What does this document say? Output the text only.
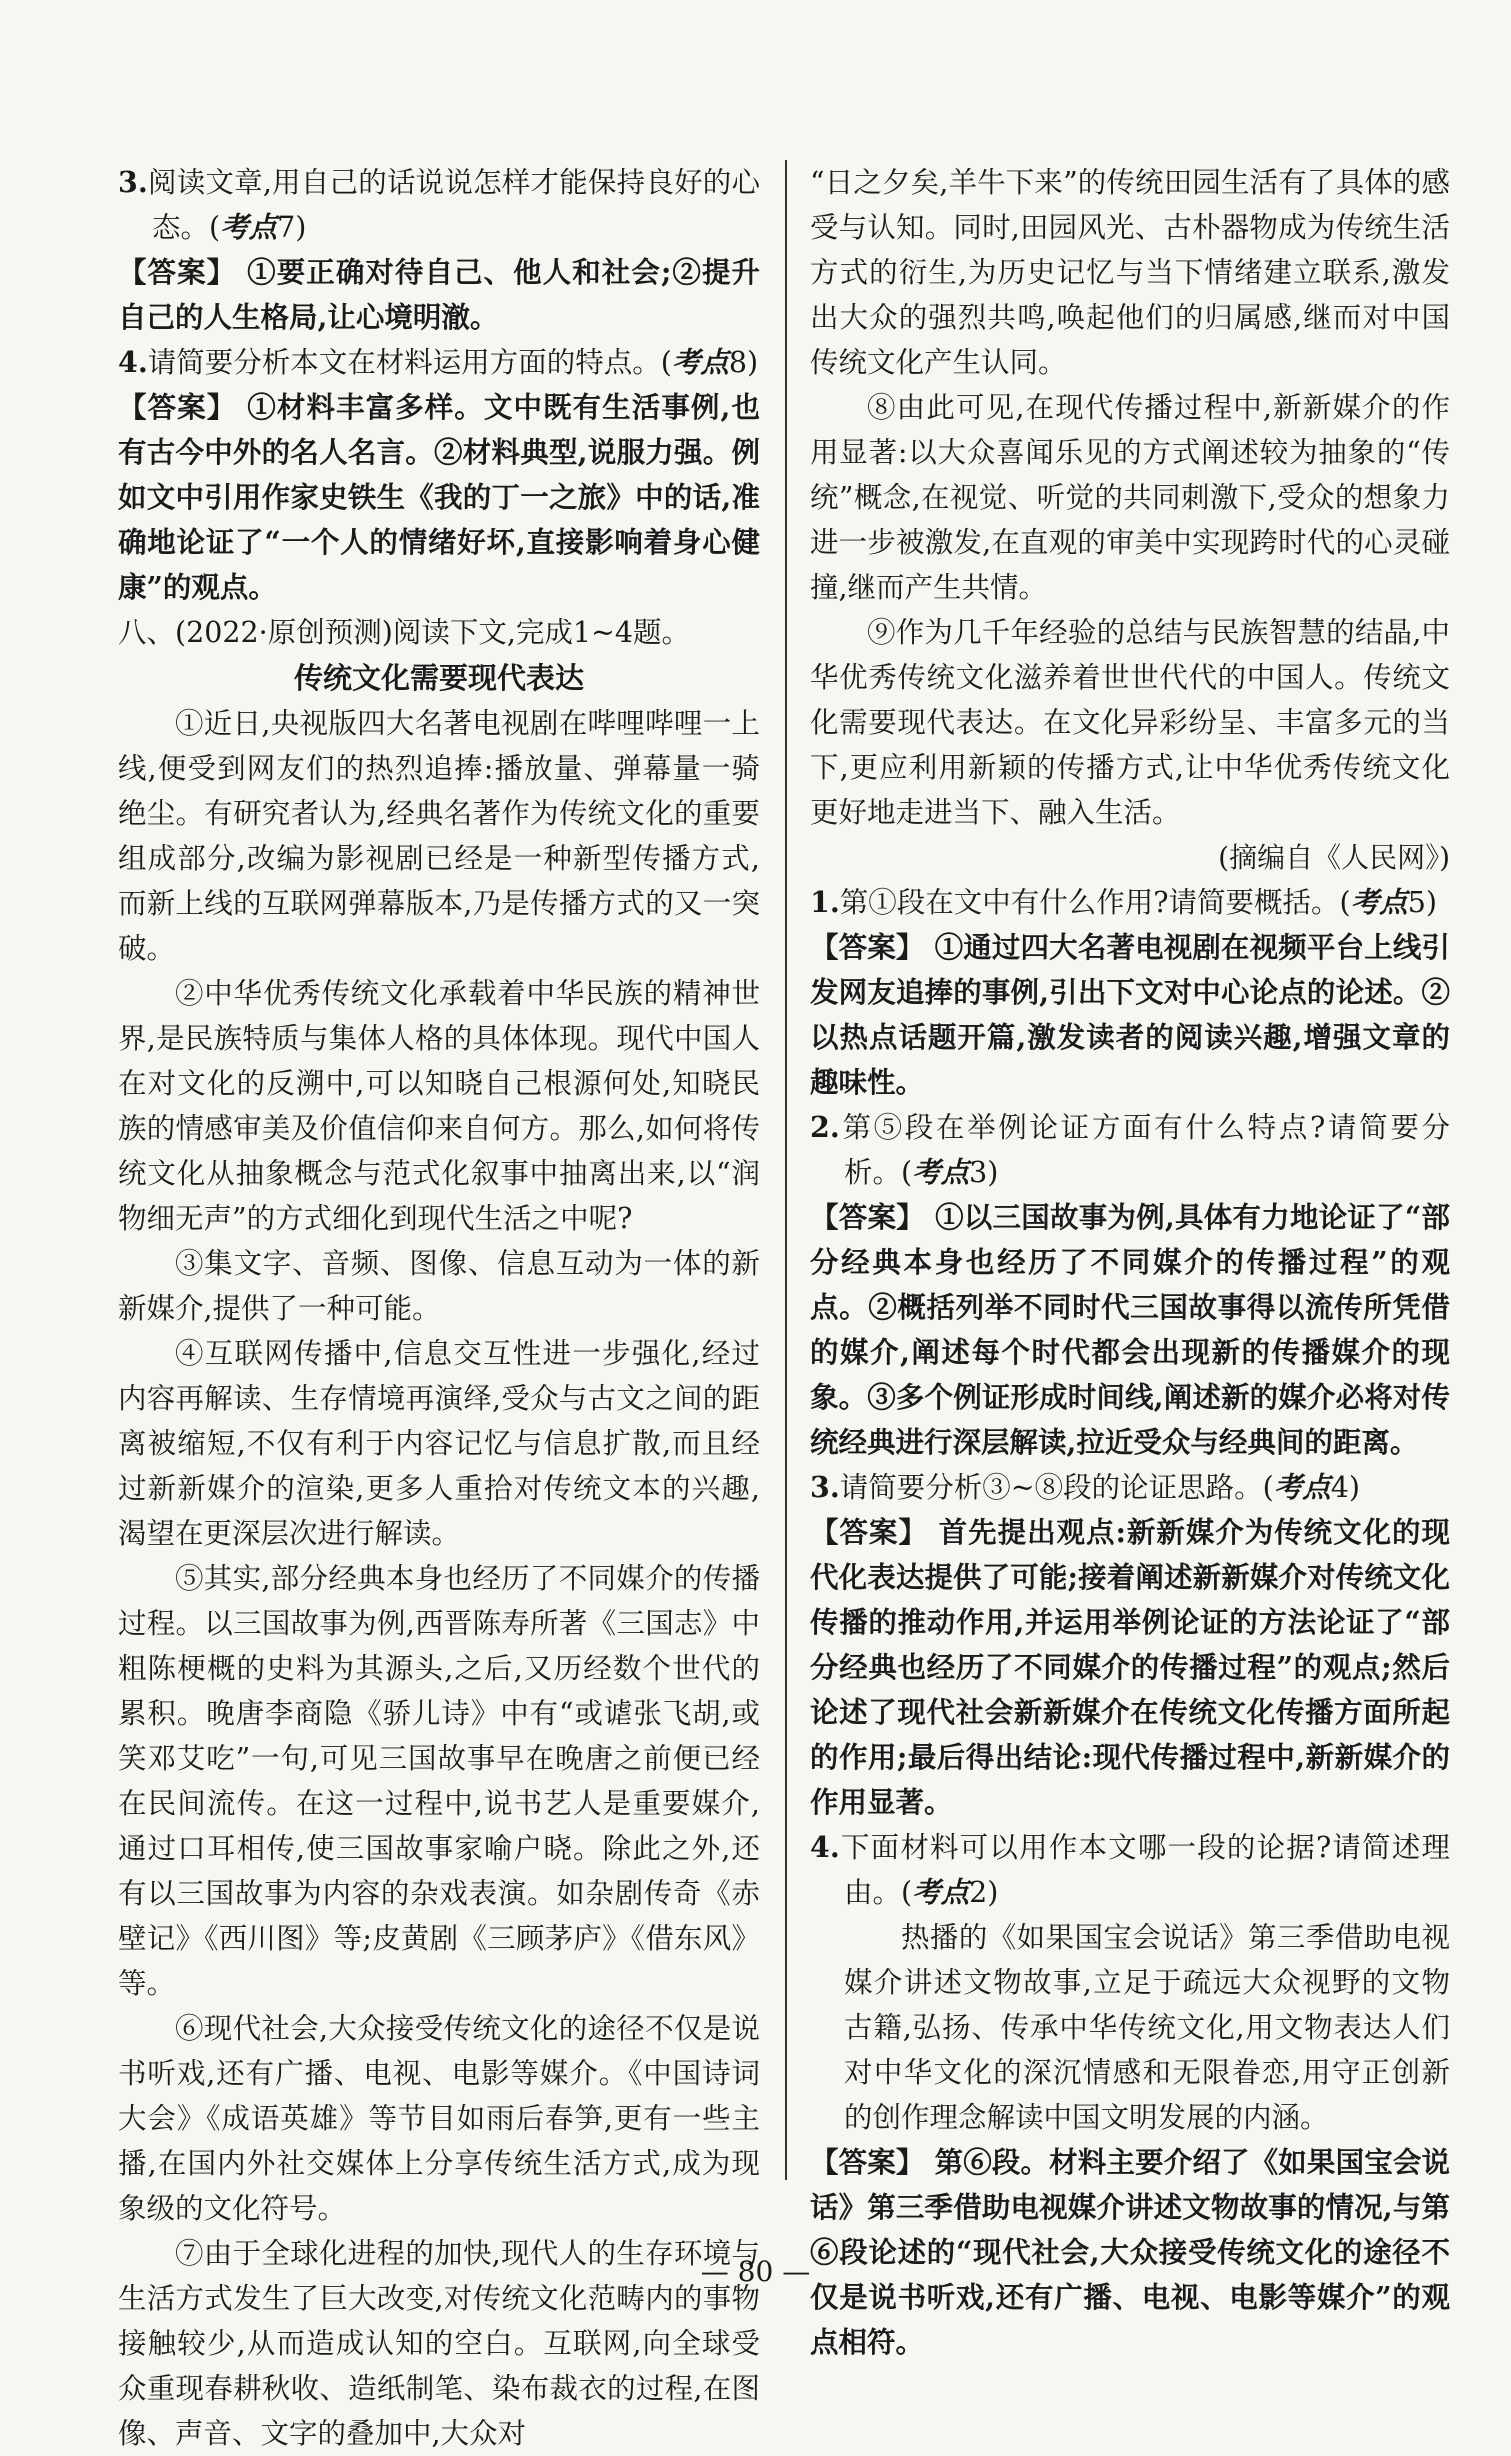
3.阅读文章,用自己的话说说怎样才能保持良好的心态。(考点7)

【答案】 ①要正确对待自己、他人和社会;②提升自己的人生格局,让心境明澈。

4.请简要分析本文在材料运用方面的特点。(考点8)

【答案】 ①材料丰富多样。文中既有生活事例,也有古今中外的名人名言。②材料典型,说服力强。例如文中引用作家史铁生《我的丁一之旅》中的话,准确地论证了“一个人的情绪好坏,直接影响着身心健康”的观点。

八、(2022·原创预测)阅读下文,完成1~4题。

传统文化需要现代表达

①近日,央视版四大名著电视剧在哔哩哔哩一上线,便受到网友们的热烈追捧:播放量、弹幕量一骑绝尘。有研究者认为,经典名著作为传统文化的重要组成部分,改编为影视剧已经是一种新型传播方式,而新上线的互联网弹幕版本,乃是传播方式的又一突破。

②中华优秀传统文化承载着中华民族的精神世界,是民族特质与集体人格的具体体现。现代中国人在对文化的反溯中,可以知晓自己根源何处,知晓民族的情感审美及价值信仰来自何方。那么,如何将传统文化从抽象概念与范式化叙事中抽离出来,以“润物细无声”的方式细化到现代生活之中呢?

③集文字、音频、图像、信息互动为一体的新新媒介,提供了一种可能。

④互联网传播中,信息交互性进一步强化,经过内容再解读、生存情境再演绎,受众与古文之间的距离被缩短,不仅有利于内容记忆与信息扩散,而且经过新新媒介的渲染,更多人重拾对传统文本的兴趣,渴望在更深层次进行解读。

⑤其实,部分经典本身也经历了不同媒介的传播过程。以三国故事为例,西晋陈寿所著《三国志》中粗陈梗概的史料为其源头,之后,又历经数个世代的累积。晚唐李商隐《骄儿诗》中有“或谑张飞胡,或笑邓艾吃”一句,可见三国故事早在晚唐之前便已经在民间流传。在这一过程中,说书艺人是重要媒介,通过口耳相传,使三国故事家喻户晓。除此之外,还有以三国故事为内容的杂戏表演。如杂剧传奇《赤壁记》《西川图》等;皮黄剧《三顾茅庐》《借东风》等。

⑥现代社会,大众接受传统文化的途径不仅是说书听戏,还有广播、电视、电影等媒介。《中国诗词大会》《成语英雄》等节目如雨后春笋,更有一些主播,在国内外社交媒体上分享传统生活方式,成为现象级的文化符号。

⑦由于全球化进程的加快,现代人的生存环境与生活方式发生了巨大改变,对传统文化范畴内的事物接触较少,从而造成认知的空白。互联网,向全球受众重现春耕秋收、造纸制笔、染布裁衣的过程,在图像、声音、文字的叠加中,大众对

“日之夕矣,羊牛下来”的传统田园生活有了具体的感受与认知。同时,田园风光、古朴器物成为传统生活方式的衍生,为历史记忆与当下情绪建立联系,激发出大众的强烈共鸣,唤起他们的归属感,继而对中国传统文化产生认同。

⑧由此可见,在现代传播过程中,新新媒介的作用显著:以大众喜闻乐见的方式阐述较为抽象的“传统”概念,在视觉、听觉的共同刺激下,受众的想象力进一步被激发,在直观的审美中实现跨时代的心灵碰撞,继而产生共情。

⑨作为几千年经验的总结与民族智慧的结晶,中华优秀传统文化滋养着世世代代的中国人。传统文化需要现代表达。在文化异彩纷呈、丰富多元的当下,更应利用新颖的传播方式,让中华优秀传统文化更好地走进当下、融入生活。

(摘编自《人民网》)

1.第①段在文中有什么作用?请简要概括。(考点5)

【答案】 ①通过四大名著电视剧在视频平台上线引发网友追捧的事例,引出下文对中心论点的论述。②以热点话题开篇,激发读者的阅读兴趣,增强文章的趣味性。

2.第⑤段在举例论证方面有什么特点?请简要分析。(考点3)

【答案】 ①以三国故事为例,具体有力地论证了“部分经典本身也经历了不同媒介的传播过程”的观点。②概括列举不同时代三国故事得以流传所凭借的媒介,阐述每个时代都会出现新的传播媒介的现象。③多个例证形成时间线,阐述新的媒介必将对传统经典进行深层解读,拉近受众与经典间的距离。

3.请简要分析③~⑧段的论证思路。(考点4)

【答案】 首先提出观点:新新媒介为传统文化的现代化表达提供了可能;接着阐述新新媒介对传统文化传播的推动作用,并运用举例论证的方法论证了“部分经典也经历了不同媒介的传播过程”的观点;然后论述了现代社会新新媒介在传统文化传播方面所起的作用;最后得出结论:现代传播过程中,新新媒介的作用显著。

4.下面材料可以用作本文哪一段的论据?请简述理由。(考点2)

热播的《如果国宝会说话》第三季借助电视媒介讲述文物故事,立足于疏远大众视野的文物古籍,弘扬、传承中华传统文化,用文物表达人们对中华文化的深沉情感和无限眷恋,用守正创新的创作理念解读中国文明发展的内涵。

【答案】 第⑥段。材料主要介绍了《如果国宝会说话》第三季借助电视媒介讲述文物故事的情况,与第⑥段论述的“现代社会,大众接受传统文化的途径不仅是说书听戏,还有广播、电视、电影等媒介”的观点相符。

— 80 —
